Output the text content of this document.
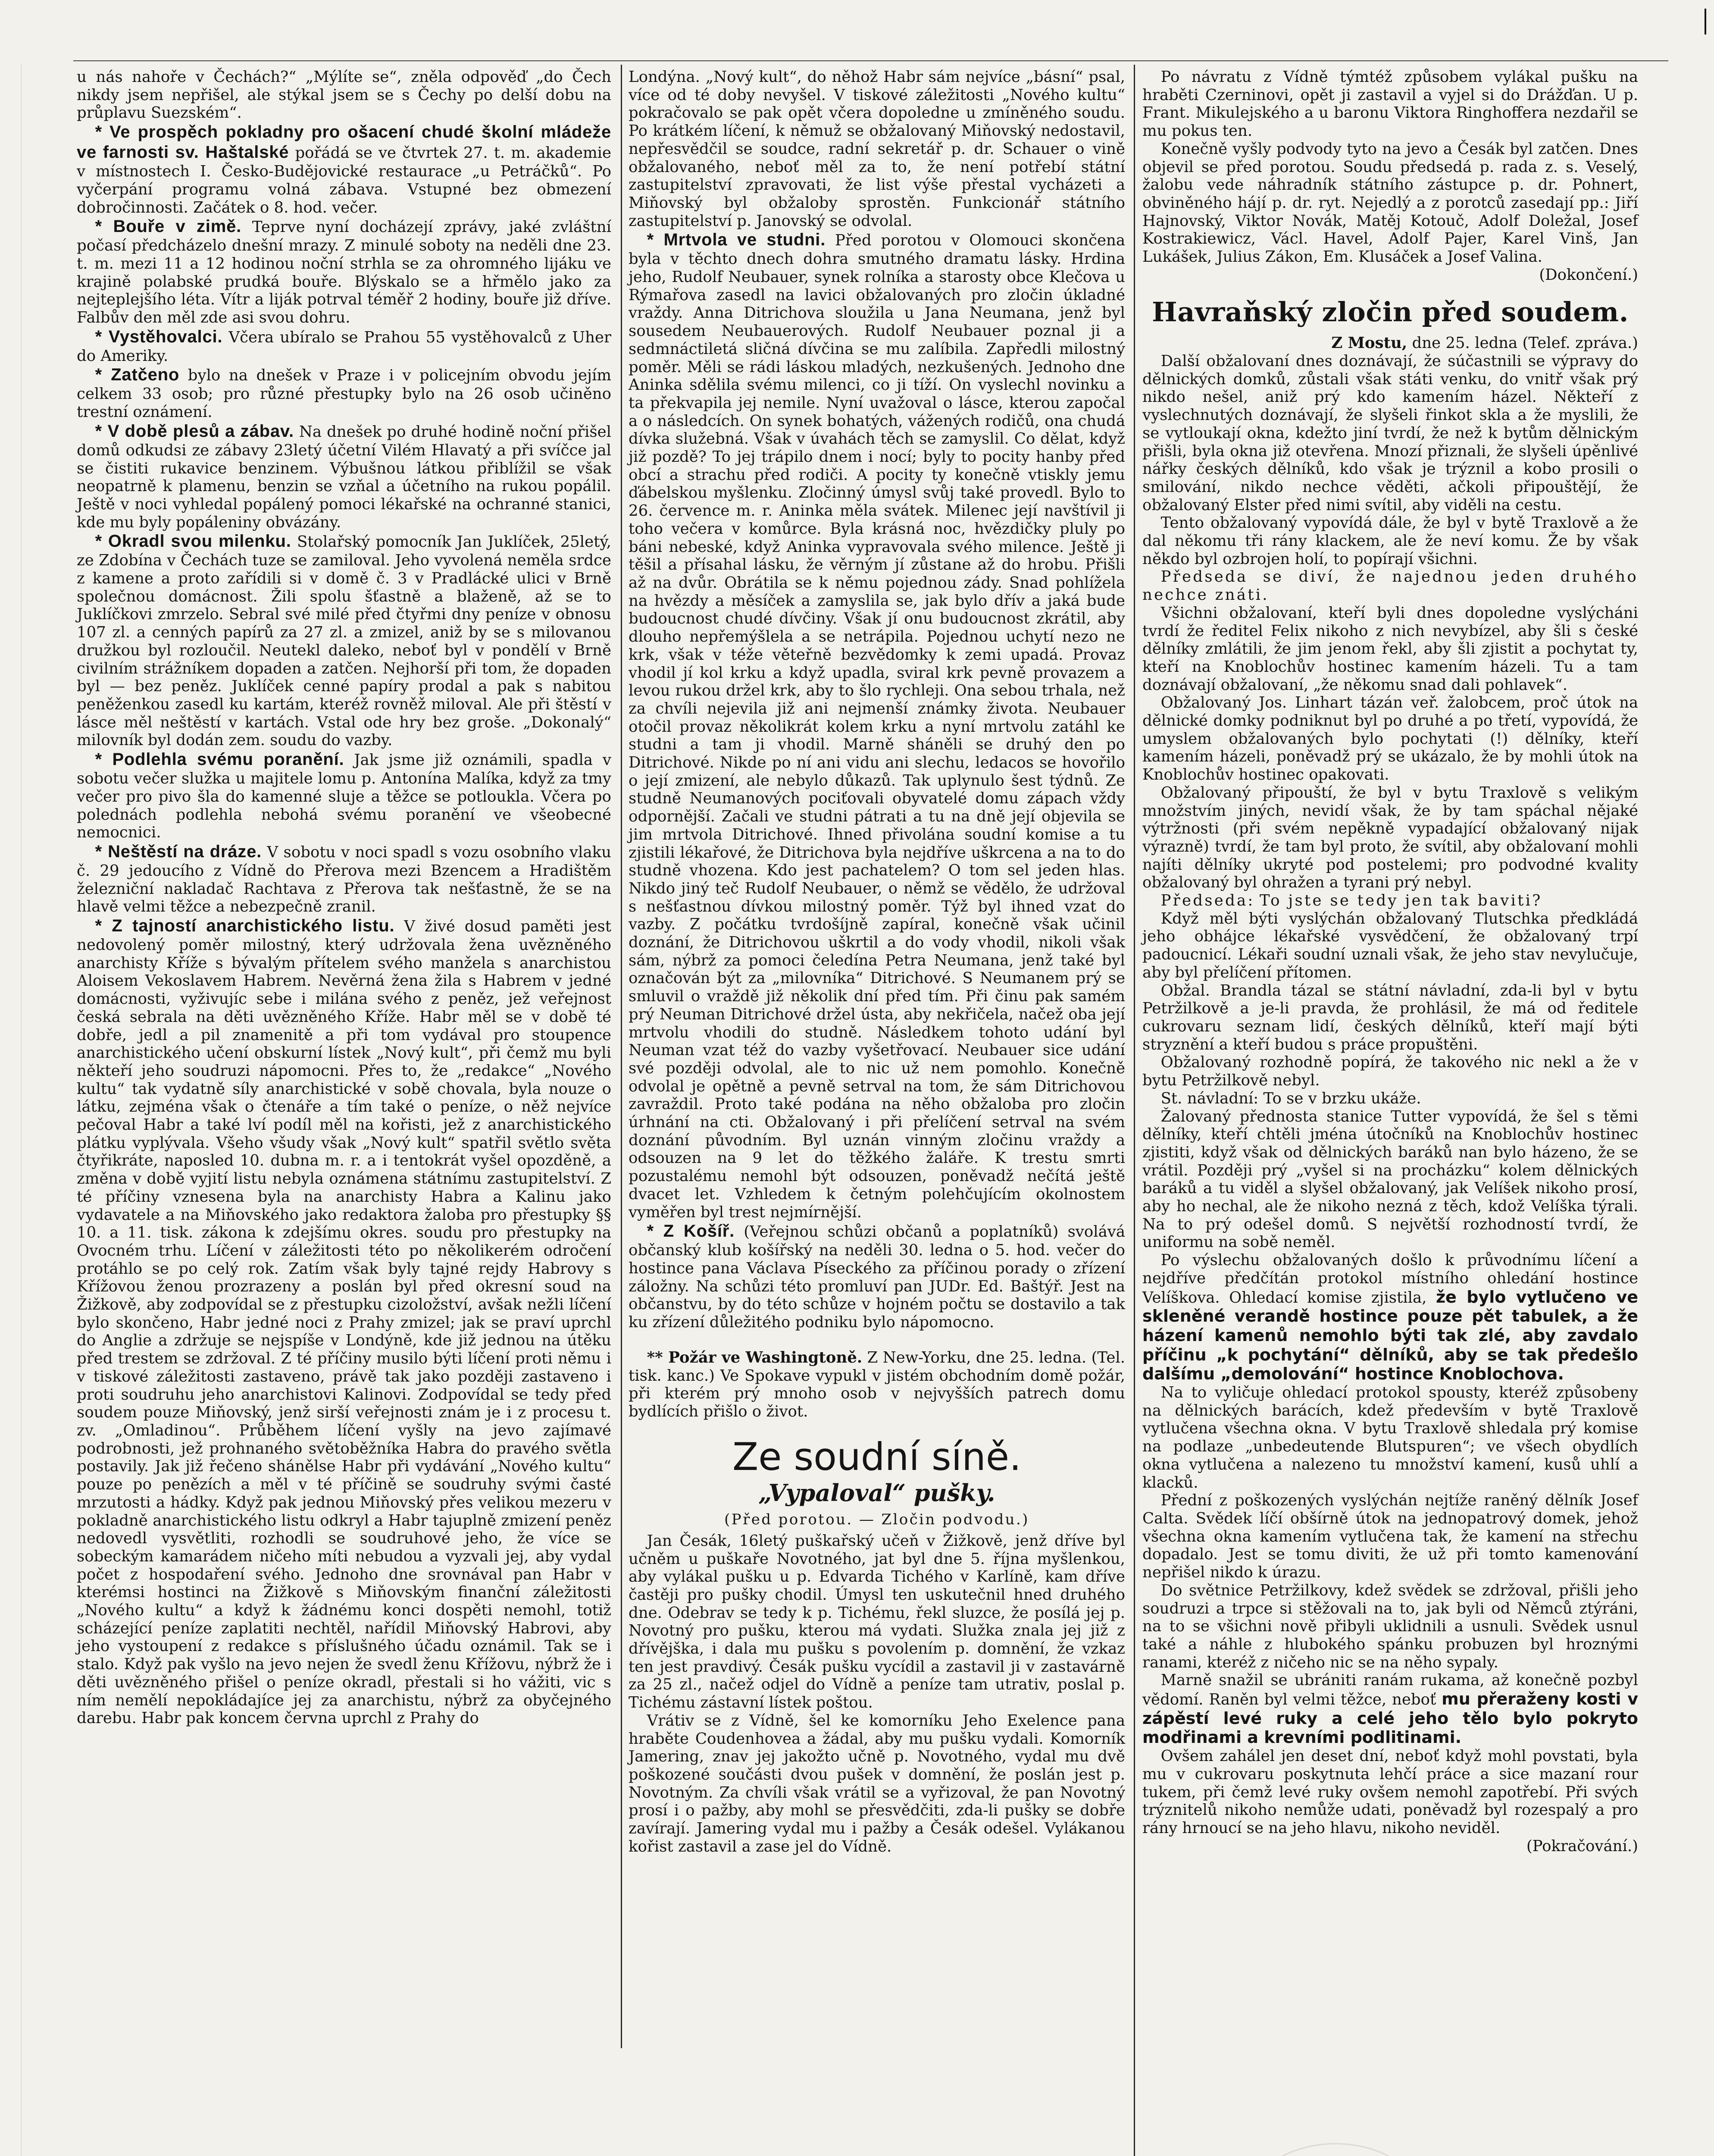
u nás nahoře v Čechách?“ „Mýlíte se“, zněla odpověď „do Čech nikdy jsem nepřišel, ale stýkal jsem se s Čechy po delší dobu na průplavu Suezském“.

* Ve prospěch pokladny pro ošacení chudé školní mládeže ve farnosti sv. Haštalské pořádá se ve čtvrtek 27. t. m. akademie v místnostech I. Česko-Budějovické restaurace „u Petráčků“. Po vyčerpání programu volná zábava. Vstupné bez obmezení dobročinnosti. Začátek o 8. hod. večer.

* Bouře v zimě. Teprve nyní docházejí zprávy, jaké zvláštní počasí předcházelo dnešní mrazy. Z minulé soboty na neděli dne 23. t. m. mezi 11 a 12 hodinou noční strhla se za ohromného lijáku ve krajině polabské prudká bouře. Blýskalo se a hřmělo jako za nejteplejšího léta. Vítr a liják potrval téměř 2 hodiny, bouře již dříve. Falbův den měl zde asi svou dohru.

* Vystěhovalci. Včera ubíralo se Prahou 55 vystěhovalců z Uher do Ameriky.

* Zatčeno bylo na dnešek v Praze i v policejním obvodu jejím celkem 33 osob; pro různé přestupky bylo na 26 osob učiněno trestní oznámení.

* V době plesů a zábav. Na dnešek po druhé hodině noční přišel domů odkudsi ze zábavy 23letý účetní Vilém Hlavatý a při svíčce jal se čistiti rukavice benzinem. Výbušnou látkou přiblížil se však neopatrně k plamenu, benzin se vzňal a účetního na rukou popálil. Ještě v noci vyhledal popálený pomoci lékařské na ochranné stanici, kde mu byly popáleniny obvázány.

* Okradl svou milenku. Stolařský pomocník Jan Juklíček, 25letý, ze Zdobína v Čechách tuze se zamiloval. Jeho vyvolená neměla srdce z kamene a proto zařídili si v domě č. 3 v Pradlácké ulici v Brně společnou domácnost. Žili spolu šťastně a blaženě, až se to Juklíčkovi zmrzelo. Sebral své milé před čtyřmi dny peníze v obnosu 107 zl. a cenných papírů za 27 zl. a zmizel, aniž by se s milovanou družkou byl rozloučil. Neutekl daleko, neboť byl v pondělí v Brně civilním strážníkem dopaden a zatčen. Nejhorší při tom, že dopaden byl — bez peněz. Juklíček cenné papíry prodal a pak s nabitou peněženkou zasedl ku kartám, kteréž rovněž miloval. Ale při štěstí v lásce měl neštěstí v kartách. Vstal ode hry bez groše. „Dokonalý“ milovník byl dodán zem. soudu do vazby.

* Podlehla svému poranění. Jak jsme již oznámili, spadla v sobotu večer služka u majitele lomu p. Antonína Malíka, když za tmy večer pro pivo šla do kamenné sluje a těžce se potloukla. Včera po polednách podlehla nebohá svému poranění ve všeobecné nemocnici.

* Neštěstí na dráze. V sobotu v noci spadl s vozu osobního vlaku č. 29 jedoucího z Vídně do Přerova mezi Bzencem a Hradištěm železniční nakladač Rachtava z Přerova tak nešťastně, že se na hlavě velmi těžce a nebezpečně zranil.

* Z tajností anarchistického listu. V živé dosud paměti jest nedovolený poměr milostný, který udržovala žena uvězněného anarchisty Kříže s bývalým přítelem svého manžela s anarchistou Aloisem Vekoslavem Habrem. Nevěrná žena žila s Habrem v jedné domácnosti, vyživujíc sebe i milána svého z peněz, jež veřejnost česká sebrala na děti uvězněného Kříže. Habr měl se v době té dobře, jedl a pil znamenitě a při tom vydával pro stoupence anarchistického učení obskurní lístek „Nový kult“, při čemž mu byli někteří jeho soudruzi nápomocni. Přes to, že „redakce“ „Nového kultu“ tak vydatně síly anarchistické v sobě chovala, byla nouze o látku, zejména však o čtenáře a tím také o peníze, o něž nejvíce pečoval Habr a také lví podíl měl na kořisti, jež z anarchistického plátku vyplývala. Všeho všudy však „Nový kult“ spatřil světlo světa čtyřikráte, naposled 10. dubna m. r. a i tentokrát vyšel opozděně, a změna v době vyjití listu nebyla oznámena státnímu zastupitelství. Z té příčiny vznesena byla na anarchisty Habra a Kalinu jako vydavatele a na Miňovského jako redaktora žaloba pro přestupky §§ 10. a 11. tisk. zákona k zdejšímu okres. soudu pro přestupky na Ovocném trhu. Líčení v záležitosti této po několikerém odročení protáhlo se po celý rok. Zatím však byly tajné rejdy Habrovy s Křížovou ženou prozrazeny a poslán byl před okresní soud na Žižkově, aby zodpovídal se z přestupku cizoložství, avšak nežli líčení bylo skončeno, Habr jedné noci z Prahy zmizel; jak se praví uprchl do Anglie a zdržuje se nejspíše v Londýně, kde již jednou na útěku před trestem se zdržoval. Z té příčiny musilo býti líčení proti němu i v tiskové záležitosti zastaveno, právě tak jako později zastaveno i proti soudruhu jeho anarchistovi Kalinovi. Zodpovídal se tedy před soudem pouze Miňovský, jenž sirší veřejnosti znám je i z procesu t. zv. „Omladinou“. Průběhem líčení vyšly na jevo zajímavé podrobnosti, jež prohnaného světoběžníka Habra do pravého světla postavily. Jak již řečeno shánělse Habr při vydávání „Nového kultu“ pouze po penězích a měl v té příčině se soudruhy svými časté mrzutosti a hádky. Když pak jednou Miňovský přes velikou mezeru v pokladně anarchistického listu odkryl a Habr tajuplně zmizení peněz nedovedl vysvětliti, rozhodli se soudruhové jeho, že více se sobeckým kamarádem ničeho míti nebudou a vyzvali jej, aby vydal počet z hospodaření svého. Jednoho dne srovnával pan Habr v kterémsi hostinci na Žižkově s Miňovským finanční záležitosti „Nového kultu“ a když k žádnému konci dospěti nemohl, totiž scházející peníze zaplatiti nechtěl, nařídil Miňovský Habrovi, aby jeho vystoupení z redakce s příslušného účadu oznámil. Tak se i stalo. Když pak vyšlo na jevo nejen že svedl ženu Křížovu, nýbrž že i děti uvězněného přišel o peníze okradl, přestali si ho vážiti, vic s ním nemělí nepokládajíce jej za anarchistu, nýbrž za obyčejného darebu. Habr pak koncem června uprchl z Prahy do

Londýna. „Nový kult“, do něhož Habr sám nejvíce „básní“ psal, více od té doby nevyšel. V tiskové záležitosti „Nového kultu“ pokračovalo se pak opět včera dopoledne u zmíněného soudu. Po krátkém líčení, k němuž se obžalovaný Miňovský nedostavil, nepřesvědčil se soudce, radní sekretář p. dr. Schauer o vině obžalovaného, neboť měl za to, že není potřebí státní zastupitelství zpravovati, že list výše přestal vycházeti a Miňovský byl obžaloby sprostěn. Funkcionář státního zastupitelství p. Janovský se odvolal.

* Mrtvola ve studni. Před porotou v Olomouci skončena byla v těchto dnech dohra smutného dramatu lásky. Hrdina jeho, Rudolf Neubauer, synek rolníka a starosty obce Klečova u Rýmařova zasedl na lavici obžalovaných pro zločin úkladné vraždy. Anna Ditrichova sloužila u Jana Neumana, jenž byl sousedem Neubauerových. Rudolf Neubauer poznal ji a sedmnáctiletá sličná dívčina se mu zalíbila. Zapředli milostný poměr. Měli se rádi láskou mladých, nezkušených. Jednoho dne Aninka sdělila svému milenci, co ji tíží. On vyslechl novinku a ta překvapila jej nemile. Nyní uvažoval o lásce, kterou započal a o následcích. On synek bohatých, vážených rodičů, ona chudá dívka služebná. Však v úvahách těch se zamyslil. Co dělat, když již pozdě? To jej trápilo dnem i nocí; byly to pocity hanby před obcí a strachu před rodiči. A pocity ty konečně vtiskly jemu ďábelskou myšlenku. Zločinný úmysl svůj také provedl. Bylo to 26. července m. r. Aninka měla svátek. Milenec její navštívil ji toho večera v komůrce. Byla krásná noc, hvězdičky pluly po báni nebeské, když Aninka vypravovala svého milence. Ještě ji těšil a přísahal lásku, že věrným jí zůstane až do hrobu. Přišli až na dvůr. Obrátila se k němu pojednou zády. Snad pohlížela na hvězdy a měsíček a zamyslila se, jak bylo dřív a jaká bude budoucnost chudé dívčiny. Však jí onu budoucnost zkrátil, aby dlouho nepřemýšlela a se netrápila. Pojednou uchytí nezo ne krk, však v téže věteřně bezvědomky k zemi upadá. Provaz vhodil jí kol krku a když upadla, sviral krk pevně provazem a levou rukou držel krk, aby to šlo rychleji. Ona sebou trhala, než za chvíli nejevila již ani nejmenší známky života. Neubauer otočil provaz několikrát kolem krku a nyní mrtvolu zatáhl ke studni a tam ji vhodil. Marně sháněli se druhý den po Ditrichové. Nikde po ní ani vidu ani slechu, ledacos se hovořilo o její zmizení, ale nebylo důkazů. Tak uplynulo šest týdnů. Ze studně Neumanových pociťovali obyvatelé domu zápach vždy odpornější. Začali ve studni pátrati a tu na dně její objevila se jim mrtvola Ditrichové. Ihned přivolána soudní komise a tu zjistili lékařové, že Ditrichova byla nejdříve uškrcena a na to do studně vhozena. Kdo jest pachatelem? O tom sel jeden hlas. Nikdo jiný teč Rudolf Neubauer, o němž se vědělo, že udržoval s nešťastnou dívkou milostný poměr. Týž byl ihned vzat do vazby. Z počátku tvrdošíjně zapíral, konečně však učinil doznání, že Ditrichovou uškrtil a do vody vhodil, nikoli však sám, nýbrž za pomoci čeledína Petra Neumana, jenž také byl označován být za „milovníka“ Ditrichové. S Neumanem prý se smluvil o vraždě již několik dní před tím. Při činu pak samém prý Neuman Ditrichové držel ústa, aby nekřičela, načež oba její mrtvolu vhodili do studně. Následkem tohoto udání byl Neuman vzat též do vazby vyšetřovací. Neubauer sice udání své později odvolal, ale to nic už nem pomohlo. Konečně odvolal je opětně a pevně setrval na tom, že sám Ditrichovou zavraždil. Proto také podána na něho obžaloba pro zločin úrhnání na cti. Obžalovaný i při přelíčení setrval na svém doznání původním. Byl uznán vinným zločinu vraždy a odsouzen na 9 let do těžkého žaláře. K trestu smrti pozustalému nemohl být odsouzen, poněvadž nečítá ještě dvacet let. Vzhledem k četným polehčujícím okolnostem vyměřen byl trest nejmírnější.

* Z Košíř. (Veřejnou schůzi občanů a poplatníků) svolává občanský klub košířský na neděli 30. ledna o 5. hod. večer do hostince pana Václava Píseckého za příčinou porady o zřízení záložny. Na schůzi této promluví pan JUDr. Ed. Baštýř. Jest na občanstvu, by do této schůze v hojném počtu se dostavilo a tak ku zřízení důležitého podniku bylo nápomocno.

** Požár ve Washingtoně. Z New-Yorku, dne 25. ledna. (Tel. tisk. kanc.) Ve Spokave vypukl v jistém obchodním domě požár, při kterém prý mnoho osob v nejvyšších patrech domu bydlících přišlo o život.

Ze soudní síně.
„Vypaloval“ pušky.
(Před porotou. — Zločin podvodu.)

Jan Česák, 16letý puškařský učeň v Žižkově, jenž dříve byl učněm u puškaře Novotného, jat byl dne 5. října myšlenkou, aby vylákal pušku u p. Edvarda Tichého v Karlíně, kam dříve častěji pro pušky chodil. Úmysl ten uskutečnil hned druhého dne. Odebrav se tedy k p. Tichému, řekl sluzce, že posílá jej p. Novotný pro pušku, kterou má vydati. Služka znala jej již z dřívějška, i dala mu pušku s povolením p. domnění, že vzkaz ten jest pravdivý. Česák pušku vycídil a zastavil ji v zastavárně za 25 zl., načež odjel do Vídně a peníze tam utrativ, poslal p. Tichému zástavní lístek poštou.

Vrátiv se z Vídně, šel ke komorníku Jeho Exelence pana hraběte Coudenhovea a žádal, aby mu pušku vydali. Komorník Jamering, znav jej jakožto učně p. Novotného, vydal mu dvě poškozené součásti dvou pušek v domnění, že poslán jest p. Novotným. Za chvíli však vrátil se a vyřizoval, že pan Novotný prosí i o pažby, aby mohl se přesvědčiti, zda-li pušky se dobře zavírají. Jamering vydal mu i pažby a Česák odešel. Vylákanou kořist zastavil a zase jel do Vídně.

Po návratu z Vídně týmtéž způsobem vylákal pušku na hraběti Czerninovi, opět ji zastavil a vyjel si do Drážďan. U p. Frant. Mikulejského a u baronu Viktora Ringhoffera nezdařil se mu pokus ten.

Konečně vyšly podvody tyto na jevo a Česák byl zatčen. Dnes objevil se před porotou. Soudu předsedá p. rada z. s. Veselý, žalobu vede náhradník státního zástupce p. dr. Pohnert, obviněného hájí p. dr. ryt. Nejedlý a z porotců zasedají pp.: Jiří Hajnovský, Viktor Novák, Matěj Kotouč, Adolf Doležal, Josef Kostrakiewicz, Václ. Havel, Adolf Pajer, Karel Vinš, Jan Lukášek, Julius Zákon, Em. Klusáček a Josef Valina.

(Dokončení.)

Havraňský zločin před soudem.

Z Mostu, dne 25. ledna (Telef. zpráva.)

Další obžalovaní dnes doznávají, že súčastnili se výpravy do dělnických domků, zůstali však státi venku, do vnitř však prý nikdo nešel, aniž prý kdo kamením házel. Někteří z vyslechnutých doznávají, že slyšeli řinkot skla a že myslili, že se vytloukají okna, kdežto jiní tvrdí, že než k bytům dělnickým přišli, byla okna již otevřena. Mnozí přiznali, že slyšeli úpěnlivé nářky českých dělníků, kdo však je trýznil a kobo prosili o smilování, nikdo nechce věděti, ačkoli připouštějí, že obžalovaný Elster před nimi svítil, aby viděli na cestu.

Tento obžalovaný vypovídá dále, že byl v bytě Traxlově a že dal někomu tři rány klackem, ale že neví komu. Že by však někdo byl ozbrojen holí, to popírají všichni.

Předseda se diví, že najednou jeden druhého nechce znáti.

Všichni obžalovaní, kteří byli dnes dopoledne vyslýcháni tvrdí že ředitel Felix nikoho z nich nevybízel, aby šli s české dělníky zmlátili, že jim jenom řekl, aby šli zjistit a pochytat ty, kteří na Knoblochův hostinec kamením házeli. Tu a tam doznávají obžalovaní, „že někomu snad dali pohlavek“.

Obžalovaný Jos. Linhart tázán veř. žalobcem, proč útok na dělnické domky podniknut byl po druhé a po třetí, vypovídá, že umyslem obžalovaných bylo pochytati (!) dělníky, kteří kamením házeli, poněvadž prý se ukázalo, že by mohli útok na Knoblochův hostinec opakovati.

Obžalovaný připouští, že byl v bytu Traxlově s velikým množstvím jiných, nevidí však, že by tam spáchal nějaké výtržnosti (při svém nepěkně vypadající obžalovaný nijak výrazně) tvrdí, že tam byl proto, že svítil, aby obžalovaní mohli najíti dělníky ukryté pod postelemi; pro podvodné kvality obžalovaný byl ohražen a tyrani prý nebyl.

Předseda: To jste se tedy jen tak baviti?

Když měl býti vyslýchán obžalovaný Tlutschka předkládá jeho obhájce lékařské vysvědčení, že obžalovaný trpí padoucnicí. Lékaři soudní uznali však, že jeho stav nevylučuje, aby byl přelíčení přítomen.

Obžal. Brandla tázal se státní návladní, zda-li byl v bytu Petržilkově a je-li pravda, že prohlásil, že má od ředitele cukrovaru seznam lidí, českých dělníků, kteří mají býti stryznění a kteří budou s práce propuštěni.

Obžalovaný rozhodně popírá, že takového nic nekl a že v bytu Petržilkově nebyl.

St. návladní: To se v brzku ukáže.

Žalovaný přednosta stanice Tutter vypovídá, že šel s těmi dělníky, kteří chtěli jména útočníků na Knoblochův hostinec zjistiti, když však od dělnických baráků nan bylo házeno, že se vrátil. Později prý „vyšel si na procházku“ kolem dělnických baráků a tu viděl a slyšel obžalovaný, jak Velíšek nikoho prosí, aby ho nechal, ale že nikoho nezná z těch, kdož Velíška týrali. Na to prý odešel domů. S největší rozhodností tvrdí, že uniformu na sobě neměl.

Po výslechu obžalovaných došlo k průvodnímu líčení a nejdříve předčítán protokol místního ohledání hostince Velíškova. Ohledací komise zjistila, že bylo vytlučeno ve skleněné verandě hostince pouze pět tabulek, a že házení kamenů nemohlo býti tak zlé, aby zavdalo příčinu „k pochytání“ dělníků, aby se tak předešlo dalšímu „demolování“ hostince Knoblochova.

Na to vyličuje ohledací protokol spousty, kteréž způsobeny na dělnických barácích, kdež především v bytě Traxlově vytlučena všechna okna. V bytu Traxlově shledala prý komise na podlaze „unbedeutende Blutspuren“; ve všech obydlích okna vytlučena a nalezeno tu množství kamení, kusů uhlí a klacků.

Přední z poškozených vyslýchán nejtíže raněný dělník Josef Calta. Svědek líčí obšírně útok na jednopatrový domek, jehož všechna okna kamením vytlučena tak, že kamení na střechu dopadalo. Jest se tomu diviti, že už při tomto kamenování nepřišel nikdo k úrazu.

Do světnice Petržilkovy, kdež svědek se zdržoval, přišli jeho soudruzi a trpce si stěžovali na to, jak byli od Němců ztýráni, na to se všichni nově přibyli uklidnili a usnuli. Svědek usnul také a náhle z hlubokého spánku probuzen byl hroznými ranami, kteréž z ničeho nic se na něho sypaly.

Marně snažil se ubrániti ranám rukama, až konečně pozbyl vědomí. Raněn byl velmi těžce, neboť mu přeraženy kosti v zápěstí levé ruky a celé jeho tělo bylo pokryto modřinami a krevními podlitinami.

Ovšem zahálel jen deset dní, neboť když mohl povstati, byla mu v cukrovaru poskytnuta lehčí práce a sice mazaní rour tukem, při čemž levé ruky ovšem nemohl zapotřebí. Při svých trýznitelů nikoho nemůže udati, poněvadž byl rozespalý a pro rány hrnoucí se na jeho hlavu, nikoho neviděl.

(Pokračování.)
